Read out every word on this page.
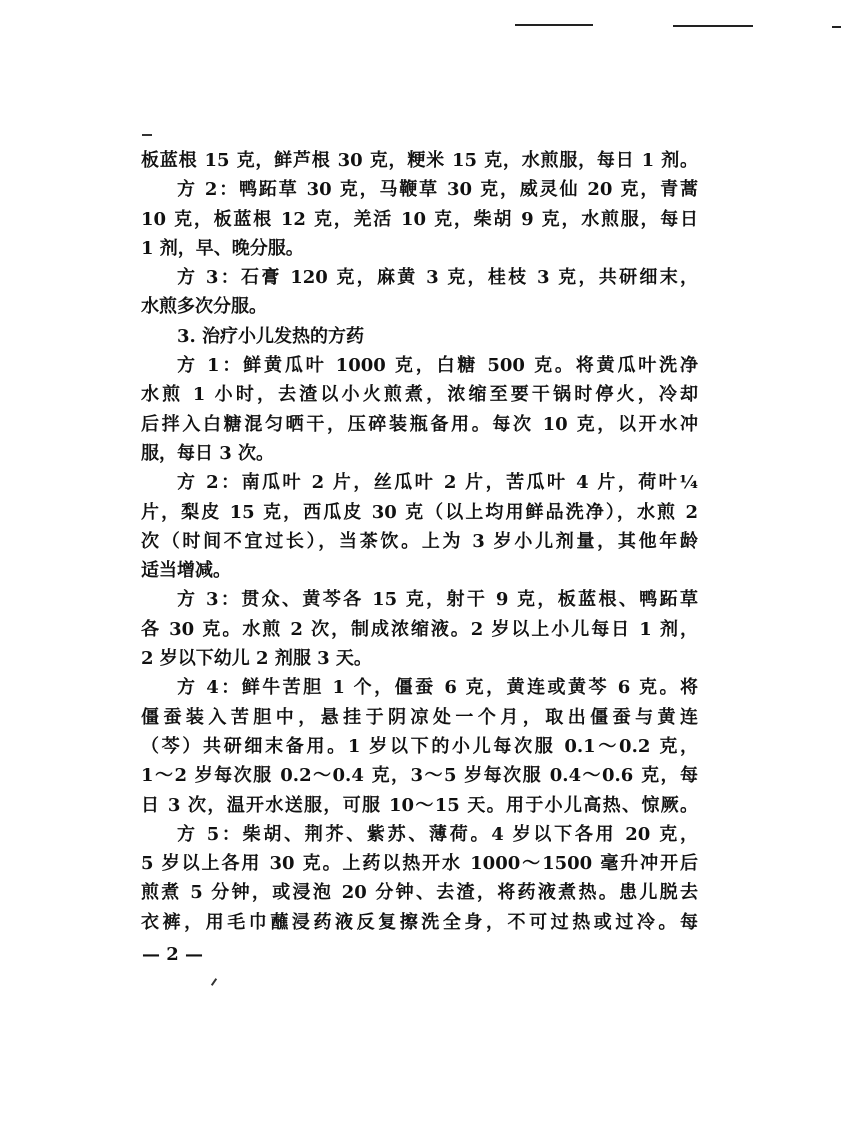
板蓝根 15 克，鲜芦根 30 克，粳米 15 克，水煎服，每日 1 剂。
方 2：鸭跖草 30 克，马鞭草 30 克，威灵仙 20 克，青蒿
10 克，板蓝根 12 克，羌活 10 克，柴胡 9 克，水煎服，每日
1 剂，早、晚分服。
方 3：石膏 120 克，麻黄 3 克，桂枝 3 克，共研细末，
水煎多次分服。
3. 治疗小儿发热的方药
方 1：鲜黄瓜叶 1000 克，白糖 500 克。将黄瓜叶洗净
水煎 1 小时，去渣以小火煎煮，浓缩至要干锅时停火，冷却
后拌入白糖混匀晒干，压碎装瓶备用。每次 10 克，以开水冲
服，每日 3 次。
方 2：南瓜叶 2 片，丝瓜叶 2 片，苦瓜叶 4 片，荷叶¼
片，梨皮 15 克，西瓜皮 30 克（以上均用鲜品洗净），水煎 2
次（时间不宜过长），当茶饮。上为 3 岁小儿剂量，其他年龄
适当增减。
方 3：贯众、黄芩各 15 克，射干 9 克，板蓝根、鸭跖草
各 30 克。水煎 2 次，制成浓缩液。2 岁以上小儿每日 1 剂，
2 岁以下幼儿 2 剂服 3 天。
方 4：鲜牛苦胆 1 个，僵蚕 6 克，黄连或黄芩 6 克。将
僵蚕装入苦胆中，悬挂于阴凉处一个月，取出僵蚕与黄连
（芩）共研细末备用。1 岁以下的小儿每次服 0.1～0.2 克，
1～2 岁每次服 0.2～0.4 克，3～5 岁每次服 0.4～0.6 克，每
日 3 次，温开水送服，可服 10～15 天。用于小儿高热、惊厥。
方 5：柴胡、荆芥、紫苏、薄荷。4 岁以下各用 20 克，
5 岁以上各用 30 克。上药以热开水 1000～1500 毫升冲开后
煎煮 5 分钟，或浸泡 20 分钟、去渣，将药液煮热。患儿脱去
衣裤，用毛巾蘸浸药液反复擦洗全身，不可过热或过冷。每
— 2 —
